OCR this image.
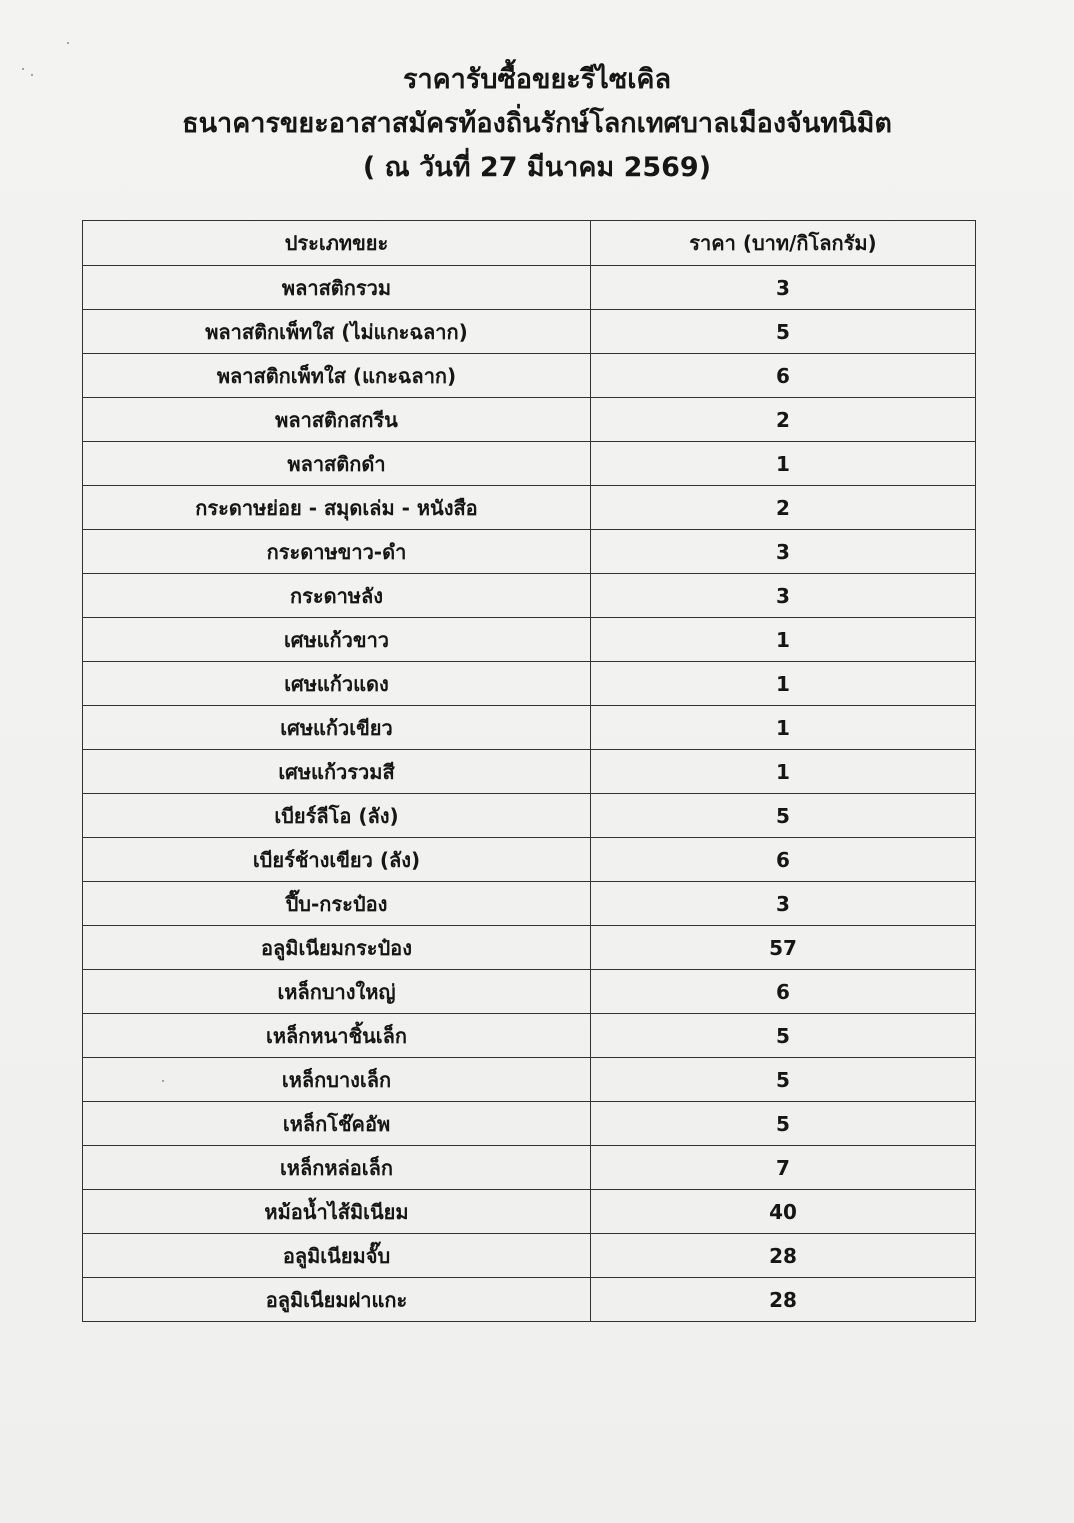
ราคารับซื้อขยะรีไซเคิล
ธนาคารขยะอาสาสมัครท้องถิ่นรักษ์โลกเทศบาลเมืองจันทนิมิต
( ณ วันที่ 27 มีนาคม 2569)
ประเภทขยะ	ราคา (บาท/กิโลกรัม)
พลาสติกรวม	3
พลาสติกเพ็ทใส (ไม่แกะฉลาก)	5
พลาสติกเพ็ทใส (แกะฉลาก)	6
พลาสติกสกรีน	2
พลาสติกดำ	1
กระดาษย่อย - สมุดเล่ม - หนังสือ	2
กระดาษขาว-ดำ	3
กระดาษลัง	3
เศษแก้วขาว	1
เศษแก้วแดง	1
เศษแก้วเขียว	1
เศษแก้วรวมสี	1
เบียร์ลีโอ (ลัง)	5
เบียร์ช้างเขียว (ลัง)	6
ปี๊บ-กระป๋อง	3
อลูมิเนียมกระป๋อง	57
เหล็กบางใหญ่	6
เหล็กหนาชิ้นเล็ก	5
เหล็กบางเล็ก	5
เหล็กโช๊คอัพ	5
เหล็กหล่อเล็ก	7
หม้อน้ำไส้มิเนียม	40
อลูมิเนียมจั๊บ	28
อลูมิเนียมฝาแกะ	28
